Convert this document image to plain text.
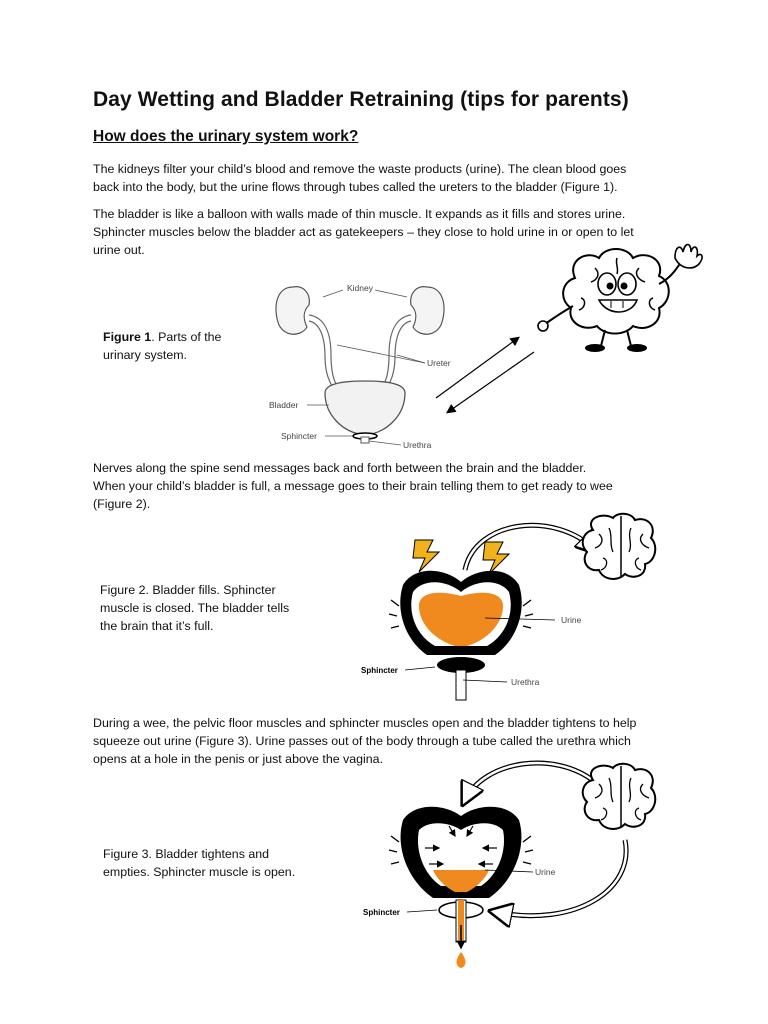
Day Wetting and Bladder Retraining (tips for parents)
How does the urinary system work?
The kidneys filter your child’s blood and remove the waste products (urine). The clean blood goes
back into the body, but the urine flows through tubes called the ureters to the bladder (Figure 1).
The bladder is like a balloon with walls made of thin muscle. It expands as it fills and stores urine.
Sphincter muscles below the bladder act as gatekeepers – they close to hold urine in or open to let
urine out.
Figure 1. Parts of the
urinary system.
Kidney
Ureter
Bladder
Sphincter
Urethra
Nerves along the spine send messages back and forth between the brain and the bladder.
When your child’s bladder is full, a message goes to their brain telling them to get ready to wee
(Figure 2).
Figure 2. Bladder fills. Sphincter
muscle is closed. The bladder tells
the brain that it’s full.	Urine
Sphincter
Urethra
During a wee, the pelvic floor muscles and sphincter muscles open and the bladder tightens to help
squeeze out urine (Figure 3). Urine passes out of the body through a tube called the urethra which
opens at a hole in the penis or just above the vagina.
Figure 3. Bladder tightens and
empties. Sphincter muscle is open.	Urine
Sphincter
